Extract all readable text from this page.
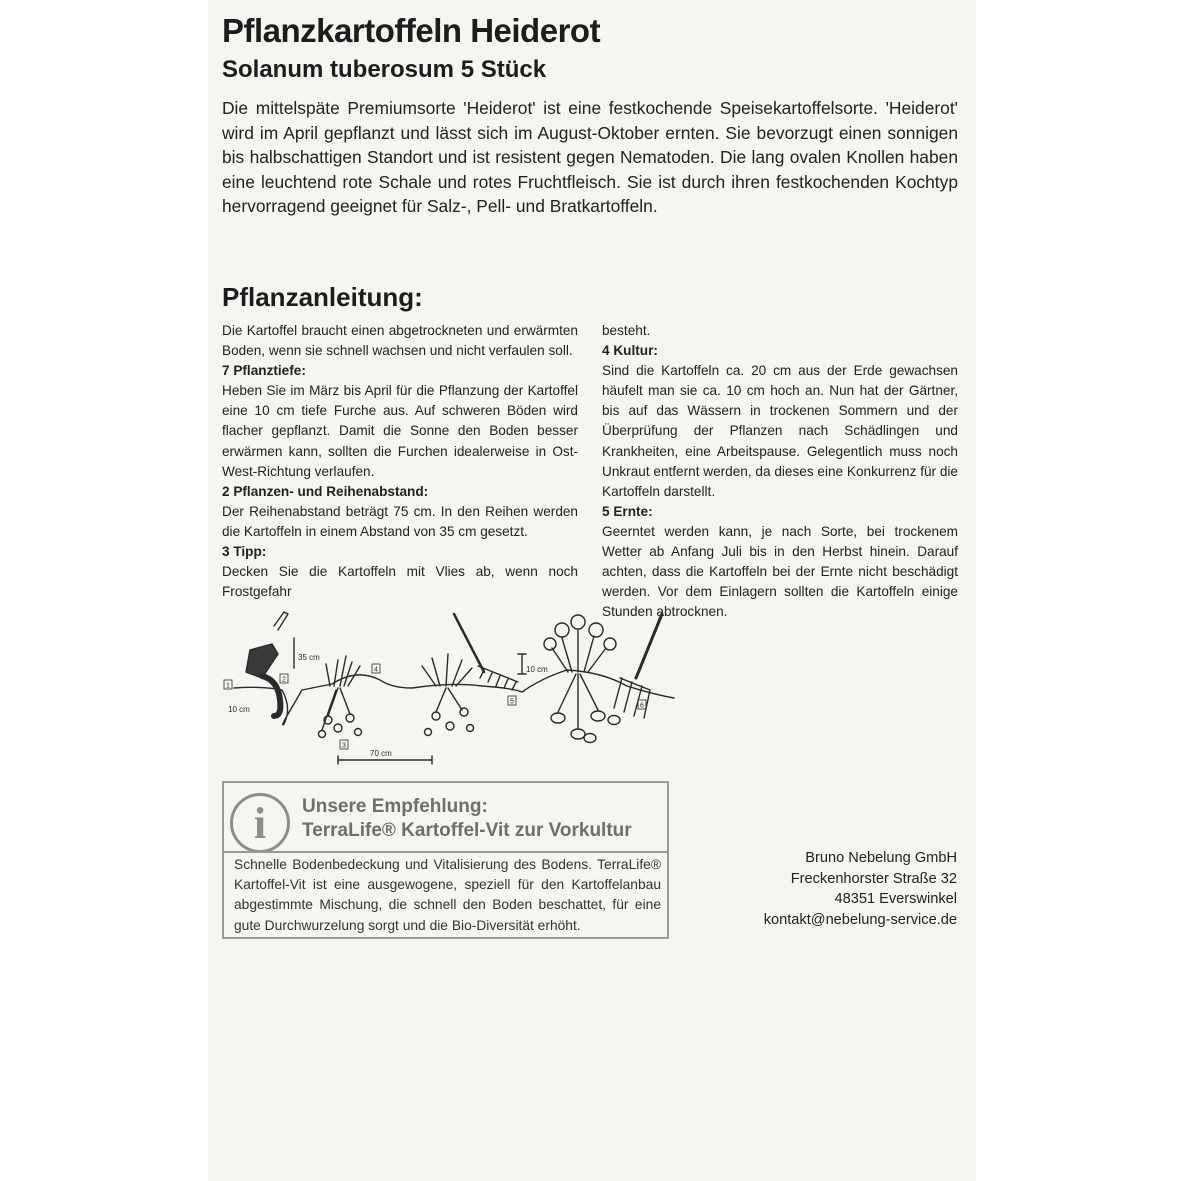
Pflanzkartoffeln Heiderot
Solanum tuberosum 5 Stück
Die mittelspäte Premiumsorte 'Heiderot' ist eine festkochende Speisekartoffelsorte. 'Heiderot' wird im April gepflanzt und lässt sich im August-Oktober ernten. Sie bevorzugt einen sonnigen bis halbschattigen Standort und ist resistent gegen Nematoden. Die lang ovalen Knollen haben eine leuchtend rote Schale und rotes Fruchtfleisch. Sie ist durch ihren festkochenden Kochtyp hervorragend geeignet für Salz-, Pell- und Bratkartoffeln.
Pflanzanleitung:

Die Kartoffel braucht einen abgetrockneten und erwärmten Boden, wenn sie schnell wachsen und nicht verfaulen soll.

7 Pflanztiefe:

Heben Sie im März bis April für die Pflanzung der Kartoffel eine 10 cm tiefe Furche aus. Auf schweren Böden wird flacher gepflanzt. Damit die Sonne den Boden besser erwärmen kann, sollten die Furchen idealerweise in Ost-West-Richtung verlaufen.

2 Pflanzen- und Reihenabstand:

Der Reihenabstand beträgt 75 cm. In den Reihen werden die Kartoffeln in einem Abstand von 35 cm gesetzt.

3 Tipp:

Decken Sie die Kartoffeln mit Vlies ab, wenn noch Frostgefahr

besteht.

4 Kultur:

Sind die Kartoffeln ca. 20 cm aus der Erde gewachsen häufelt man sie ca. 10 cm hoch an. Nun hat der Gärtner, bis auf das Wässern in trockenen Sommern und der Überprüfung der Pflanzen nach Schädlingen und Krankheiten, eine Arbeitspause. Gelegentlich muss noch Unkraut entfernt werden, da dieses eine Konkurrenz für die Kartoffeln darstellt.

5 Ernte:

Geerntet werden kann, je nach Sorte, bei trockenem Wetter ab Anfang Juli bis in den Herbst hinein. Darauf achten, dass die Kartoffeln bei der Ernte nicht beschädigt werden. Vor dem Einlagern sollten die Kartoffeln einige Stunden abtrocknen.

35 cm
10 cm
10 cm
70 cm
1
2
3
4
5
6
i	Unsere Empfehlung:
TerraLife® Kartoffel-Vit zur Vorkultur
Schnelle Bodenbedeckung und Vitalisierung des Bodens. TerraLife® Kartoffel-Vit ist eine ausgewogene, speziell für den Kartoffelanbau abgestimmte Mischung, die schnell den Boden beschattet, für eine gute Durchwurzelung sorgt und die Bio-Diversität erhöht.
Bruno Nebelung GmbH
Freckenhorster Straße 32
48351 Everswinkel
kontakt@nebelung-service.de
